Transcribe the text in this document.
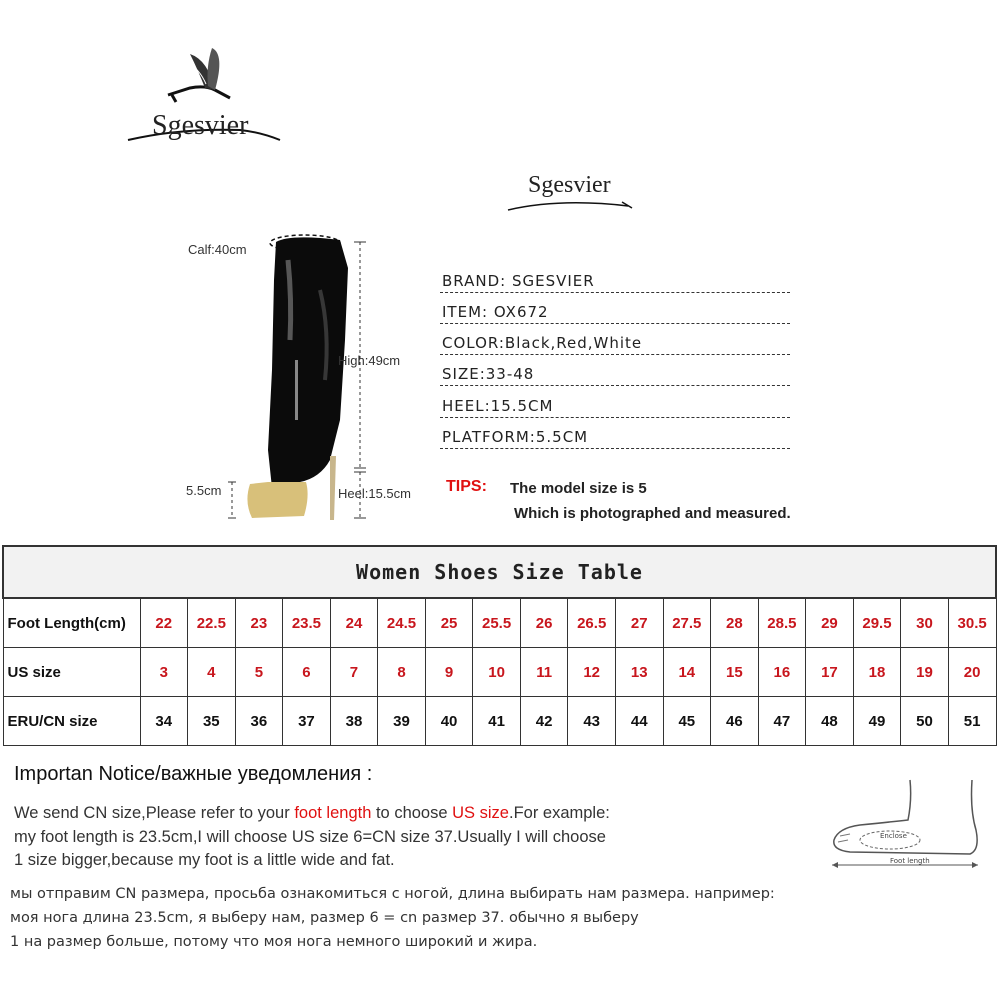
Sgesvier
Sgesvier
Calf:40cm
High:49cm
5.5cm	Heel:15.5cm
BRAND: SGESVIER
ITEM: OX672
COLOR:Black,Red,White
SIZE:33-48
HEEL:15.5CM
PLATFORM:5.5CM
TIPS: The model size is 5
Which is photographed and measured.
Women Shoes Size Table																		
Foot Length(cm)	22	22.5	23	23.5	24	24.5	25	25.5	26	26.5	27	27.5	28	28.5	29	29.5	30	30.5
US size	3	4	5	6	7	8	9	10	11	12	13	14	15	16	17	18	19	20
ERU/CN size	34	35	36	37	38	39	40	41	42	43	44	45	46	47	48	49	50	51
Importan Notice/важные уведомления :
We send CN size,Please refer to your foot length to choose US size.For example:
my foot length is 23.5cm,I will choose US size 6=CN size 37.Usually I will choose
1 size bigger,because my foot is a little wide and fat.
мы отправим CN размера, просьба ознакомиться с ногой, длина выбирать нам размера. например:
моя нога длина 23.5cm, я выберу нам, размер 6 = cn размер 37. обычно я выберу
1 на размер больше, потому что моя нога немного широкий и жира.
Enclose
Foot length
